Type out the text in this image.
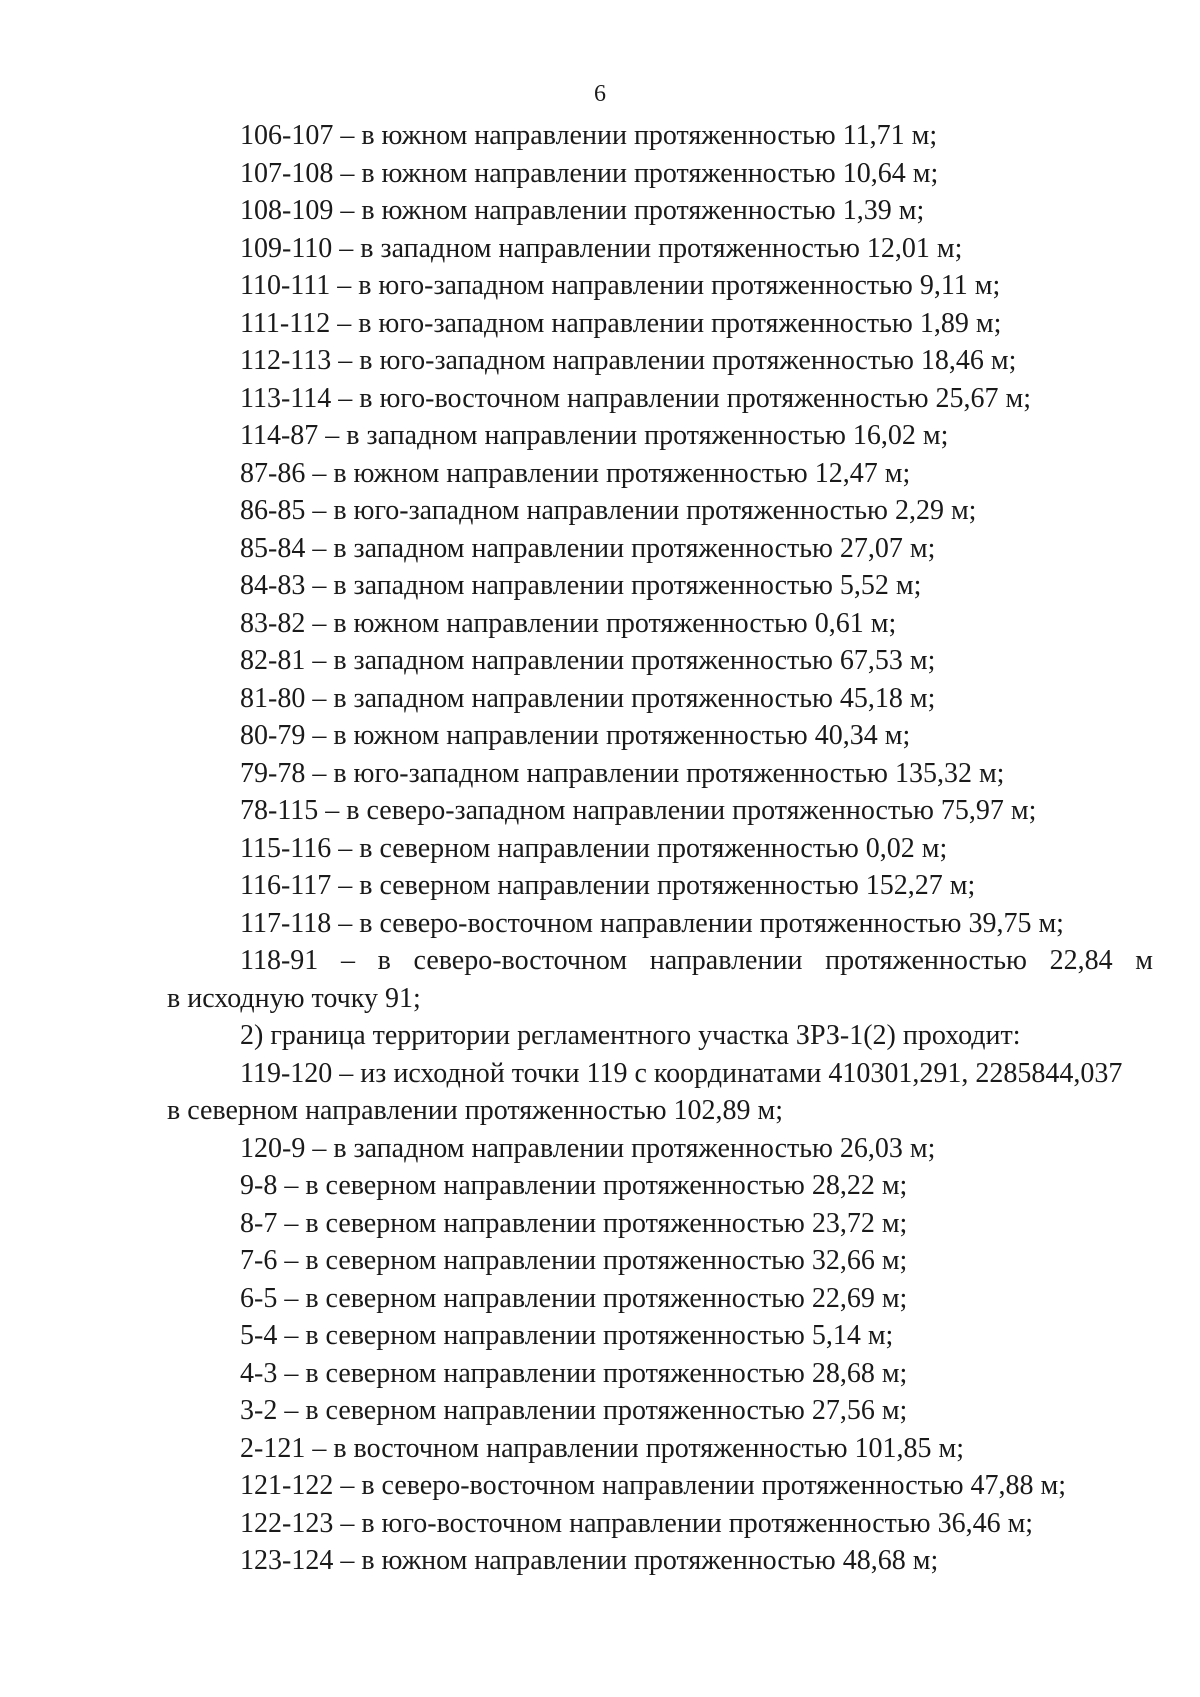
6
106-107 – в южном направлении протяженностью 11,71 м;
107-108 – в южном направлении протяженностью 10,64 м;
108-109 – в южном направлении протяженностью 1,39 м;
109-110 – в западном направлении протяженностью 12,01 м;
110-111 – в юго-западном направлении протяженностью 9,11 м;
111-112 – в юго-западном направлении протяженностью 1,89 м;
112-113 – в юго-западном направлении протяженностью 18,46 м;
113-114 – в юго-восточном направлении протяженностью 25,67 м;
114-87 – в западном направлении протяженностью 16,02 м;
87-86 – в южном направлении протяженностью 12,47 м;
86-85 – в юго-западном направлении протяженностью 2,29 м;
85-84 – в западном направлении протяженностью 27,07 м;
84-83 – в западном направлении протяженностью 5,52 м;
83-82 – в южном направлении протяженностью 0,61 м;
82-81 – в западном направлении протяженностью 67,53 м;
81-80 – в западном направлении протяженностью 45,18 м;
80-79 – в южном направлении протяженностью 40,34 м;
79-78 – в юго-западном направлении протяженностью 135,32 м;
78-115 – в северо-западном направлении протяженностью 75,97 м;
115-116 – в северном направлении протяженностью 0,02 м;
116-117 – в северном направлении протяженностью 152,27 м;
117-118 – в северо-восточном направлении протяженностью 39,75 м;
118-91 – в северо-восточном направлении протяженностью 22,84 м
в исходную точку 91;
2) граница территории регламентного участка ЗРЗ-1(2) проходит:
119-120 – из исходной точки 119 с координатами 410301,291, 2285844,037
в северном направлении протяженностью 102,89 м;
120-9 – в западном направлении протяженностью 26,03 м;
9-8 – в северном направлении протяженностью 28,22 м;
8-7 – в северном направлении протяженностью 23,72 м;
7-6 – в северном направлении протяженностью 32,66 м;
6-5 – в северном направлении протяженностью 22,69 м;
5-4 – в северном направлении протяженностью 5,14 м;
4-3 – в северном направлении протяженностью 28,68 м;
3-2 – в северном направлении протяженностью 27,56 м;
2-121 – в восточном направлении протяженностью 101,85 м;
121-122 – в северо-восточном направлении протяженностью 47,88 м;
122-123 – в юго-восточном направлении протяженностью 36,46 м;
123-124 – в южном направлении протяженностью 48,68 м;
